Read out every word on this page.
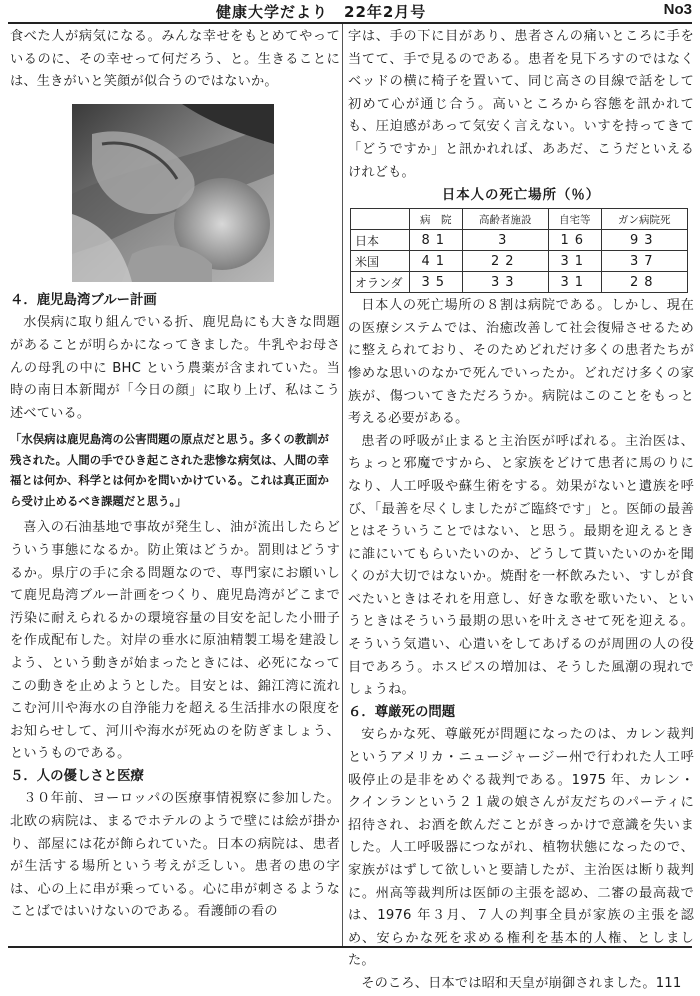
健康大学だより　22年2月号	No3

食べた人が病気になる。みんな幸せをもとめてやっているのに、その幸せって何だろう、と。生きることには、生きがいと笑顔が似合うのではないか。

４．鹿児島湾ブルー計画

水俣病に取り組んでいる折、鹿児島にも大きな問題があることが明らかになってきました。牛乳やお母さんの母乳の中に BHC という農薬が含まれていた。当時の南日本新聞が「今日の顔」に取り上げ、私はこう述べている。

「水俣病は鹿児島湾の公害問題の原点だと思う。多くの教訓が残された。人間の手でひき起こされた悲惨な病気は、人間の幸福とは何か、科学とは何かを問いかけている。これは真正面から受け止めるべき課題だと思う。」

喜入の石油基地で事故が発生し、油が流出したらどういう事態になるか。防止策はどうか。罰則はどうするか。県庁の手に余る問題なので、専門家にお願いして鹿児島湾ブルー計画をつくり、鹿児島湾がどこまで汚染に耐えられるかの環境容量の目安を記した小冊子を作成配布した。対岸の垂水に原油精製工場を建設しよう、という動きが始まったときには、必死になってこの動きを止めようとした。目安とは、錦江湾に流れこむ河川や海水の自浄能力を超える生活排水の限度をお知らせして、河川や海水が死ぬのを防ぎましょう、というものである。

５．人の優しさと医療

３０年前、ヨーロッパの医療事情視察に参加した。北欧の病院は、まるでホテルのようで壁には絵が掛かり、部屋には花が飾られていた。日本の病院は、患者が生活する場所という考えが乏しい。患者の患の字は、心の上に串が乗っている。心に串が刺さるようなことばではいけないのである。看護師の看の

字は、手の下に目があり、患者さんの痛いところに手を当てて、手で見るのである。患者を見下ろすのではなくベッドの横に椅子を置いて、同じ高さの目線で話をして初めて心が通じ合う。高いところから容態を訊かれても、圧迫感があって気安く言えない。いすを持ってきて「どうですか」と訊かれれば、ああだ、こうだといえるけれども。

日本人の死亡場所（％）
	病　院	高齢者施設	自宅等	ガン病院死
日本	81	3	16	93
米国	41	22	31	37
オランダ	35	33	31	28

日本人の死亡場所の８割は病院である。しかし、現在の医療システムでは、治癒改善して社会復帰させるために整えられており、そのためどれだけ多くの患者たちが惨めな思いのなかで死んでいったか。どれだけ多くの家族が、傷ついてきただろうか。病院はこのことをもっと考える必要がある。

患者の呼吸が止まると主治医が呼ばれる。主治医は、ちょっと邪魔ですから、と家族をどけて患者に馬のりになり、人工呼吸や蘇生術をする。効果がないと遺族を呼び、「最善を尽くしましたがご臨終です」と。医師の最善とはそういうことではない、と思う。最期を迎えるときに誰にいてもらいたいのか、どうして貰いたいのかを聞くのが大切ではないか。焼酎を一杯飲みたい、すしが食べたいときはそれを用意し、好きな歌を歌いたい、というときはそういう最期の思いを叶えさせて死を迎える。そういう気遣い、心遣いをしてあげるのが周囲の人の役目であろう。ホスピスの増加は、そうした風潮の現れでしょうね。

６．尊厳死の問題

安らかな死、尊厳死が問題になったのは、カレン裁判というアメリカ・ニュージャージー州で行われた人工呼吸停止の是非をめぐる裁判である。1975 年、カレン・クインランという２１歳の娘さんが友だちのパーティに招待され、お酒を飲んだことがきっかけで意識を失いました。人工呼吸器につながれ、植物状態になったので、家族がはずして欲しいと要請したが、主治医は断り裁判に。州高等裁判所は医師の主張を認め、二審の最高裁では、1976 年３月、７人の判事全員が家族の主張を認め、安らかな死を求める権利を基本的人権、としました。

そのころ、日本では昭和天皇が崩御されました。111
